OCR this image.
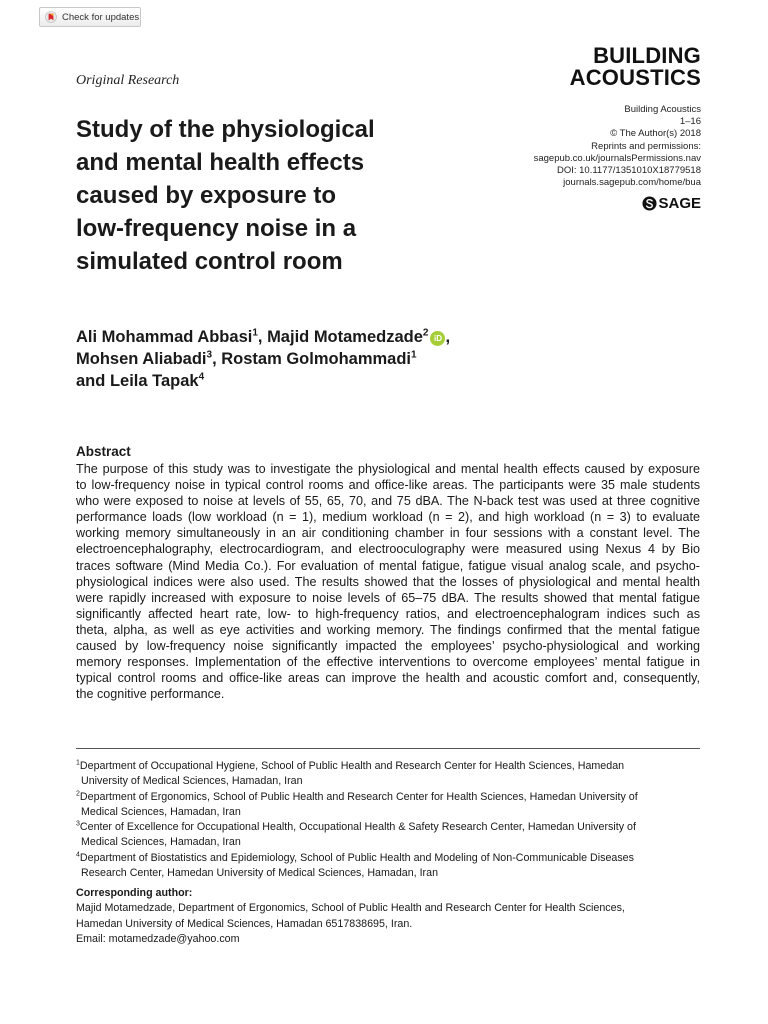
Check for updates
Original Research
BUILDING
ACOUSTICS
Building Acoustics
1–16
© The Author(s) 2018
Reprints and permissions:
sagepub.co.uk/journalsPermissions.nav
DOI: 10.1177/1351010X18779518
journals.sagepub.com/home/bua
SAGE
Study of the physiological
and mental health effects
caused by exposure to
low-frequency noise in a
simulated control room
Ali Mohammad Abbasi$^1$, Majid Motamedzade$^2$ iD ,
Mohsen Aliabadi$^3$, Rostam Golmohammadi$^1$
and Leila Tapak$^4$
Abstract
The purpose of this study was to investigate the physiological and mental health effects caused by exposure
to low-frequency noise in typical control rooms and office-like areas. The participants were 35 male students
who were exposed to noise at levels of 55, 65, 70, and 75 dBA. The N-back test was used at three cognitive
performance loads (low workload (n = 1), medium workload (n = 2), and high workload (n = 3) to evaluate
working memory simultaneously in an air conditioning chamber in four sessions with a constant level. The
electroencephalography, electrocardiogram, and electrooculography were measured using Nexus 4 by Bio
traces software (Mind Media Co.). For evaluation of mental fatigue, fatigue visual analog scale, and psycho-
physiological indices were also used. The results showed that the losses of physiological and mental health
were rapidly increased with exposure to noise levels of 65–75 dBA. The results showed that mental fatigue
significantly affected heart rate, low- to high-frequency ratios, and electroencephalogram indices such as
theta, alpha, as well as eye activities and working memory. The findings confirmed that the mental fatigue
caused by low-frequency noise significantly impacted the employees’ psycho-physiological and working
memory responses. Implementation of the effective interventions to overcome employees’ mental fatigue in
typical control rooms and office-like areas can improve the health and acoustic comfort and, consequently,
the cognitive performance.
$^1$Department of Occupational Hygiene, School of Public Health and Research Center for Health Sciences, Hamedan
University of Medical Sciences, Hamadan, Iran
$^2$Department of Ergonomics, School of Public Health and Research Center for Health Sciences, Hamedan University of
Medical Sciences, Hamadan, Iran
$^3$Center of Excellence for Occupational Health, Occupational Health & Safety Research Center, Hamedan University of
Medical Sciences, Hamadan, Iran
$^4$Department of Biostatistics and Epidemiology, School of Public Health and Modeling of Non-Communicable Diseases
Research Center, Hamedan University of Medical Sciences, Hamadan, Iran
Corresponding author:
Majid Motamedzade, Department of Ergonomics, School of Public Health and Research Center for Health Sciences,
Hamedan University of Medical Sciences, Hamadan 6517838695, Iran.
Email: motamedzade@yahoo.com
